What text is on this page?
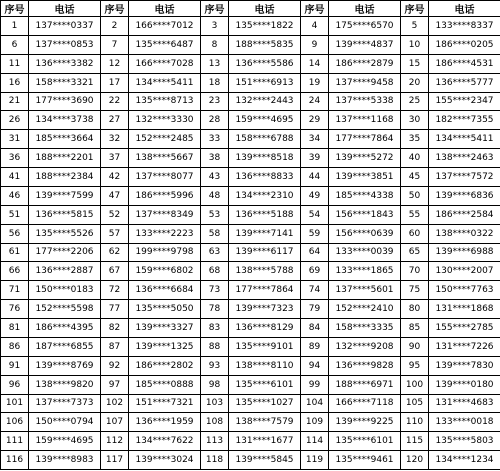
序号	电话	序号	电话	序号	电话	序号	电话	序号	电话
1	137****0337	2	166****7012	3	135****1822	4	175****6570	5	133****8337
6	137****0853	7	135****6487	8	188****5835	9	139****4837	10	186****0205
11	136****3382	12	166****7028	13	136****5586	14	186****2879	15	186****4531
16	158****3321	17	134****5411	18	151****6913	19	137****9458	20	136****5777
21	177****3690	22	135****8713	23	132****2443	24	137****5338	25	155****2347
26	134****3738	27	132****3330	28	159****4695	29	137****1168	30	182****7355
31	185****3664	32	152****2485	33	158****6788	34	177****7864	35	134****5411
36	188****2201	37	138****5667	38	139****8518	39	139****5272	40	138****2463
41	188****2384	42	137****8077	43	136****8833	44	139****3851	45	137****7572
46	139****7599	47	186****5996	48	134****2310	49	185****4338	50	139****6836
51	136****5815	52	137****8349	53	136****5188	54	156****1843	55	186****2584
56	135****5526	57	133****2223	58	139****7141	59	156****0639	60	138****0322
61	177****2206	62	199****9798	63	139****6117	64	133****0039	65	139****6988
66	136****2887	67	159****6802	68	138****5788	69	133****1865	70	130****2007
71	150****0183	72	136****6684	73	177****7864	74	137****5601	75	150****7763
76	152****5598	77	135****5050	78	139****7323	79	152****2410	80	131****1868
81	186****4395	82	139****3327	83	136****8129	84	158****3335	85	155****2785
86	187****6855	87	139****1325	88	135****9101	89	132****9208	90	131****7226
91	139****8769	92	186****2802	93	138****8110	94	136****9828	95	139****7830
96	138****9820	97	185****0888	98	135****6101	99	188****6971	100	139****0180
101	137****7373	102	151****7321	103	135****1027	104	166****7118	105	131****4683
106	150****0794	107	136****1959	108	138****7579	109	139****9225	110	133****0018
111	159****4695	112	134****7622	113	131****1677	114	135****6101	115	135****5803
116	139****8983	117	139****3024	118	139****5845	119	135****9461	120	134****1234
